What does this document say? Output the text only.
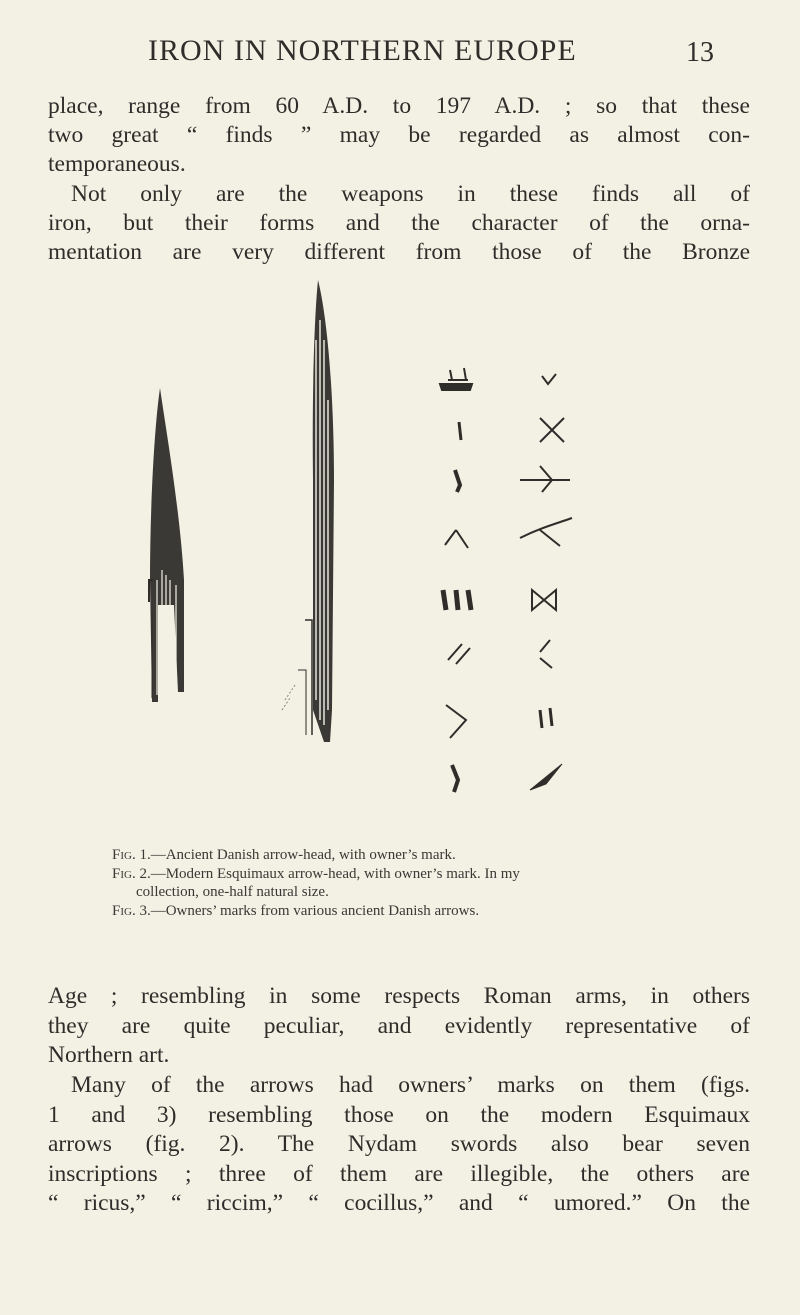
IRON IN NORTHERN EUROPE	13

place, range from 60 A.D. to 197 A.D. ; so that these
two great “ finds ” may be regarded as almost con-
temporaneous.

Not only are the weapons in these finds all of
iron, but their forms and the character of the orna-
mentation are very different from those of the Bronze

Fig. 1.—Ancient Danish arrow-head, with owner’s mark.
Fig. 2.—Modern Esquimaux arrow-head, with owner’s mark. In my
collection, one-half natural size.
Fig. 3.—Owners’ marks from various ancient Danish arrows.

Age ; resembling in some respects Roman arms, in others
they are quite peculiar, and evidently representative of
Northern art.

Many of the arrows had owners’ marks on them (figs.
1 and 3) resembling those on the modern Esquimaux
arrows (fig. 2). The Nydam swords also bear seven
inscriptions ; three of them are illegible, the others are
“ ricus,” “ riccim,” “ cocillus,” and “ umored.” On the
